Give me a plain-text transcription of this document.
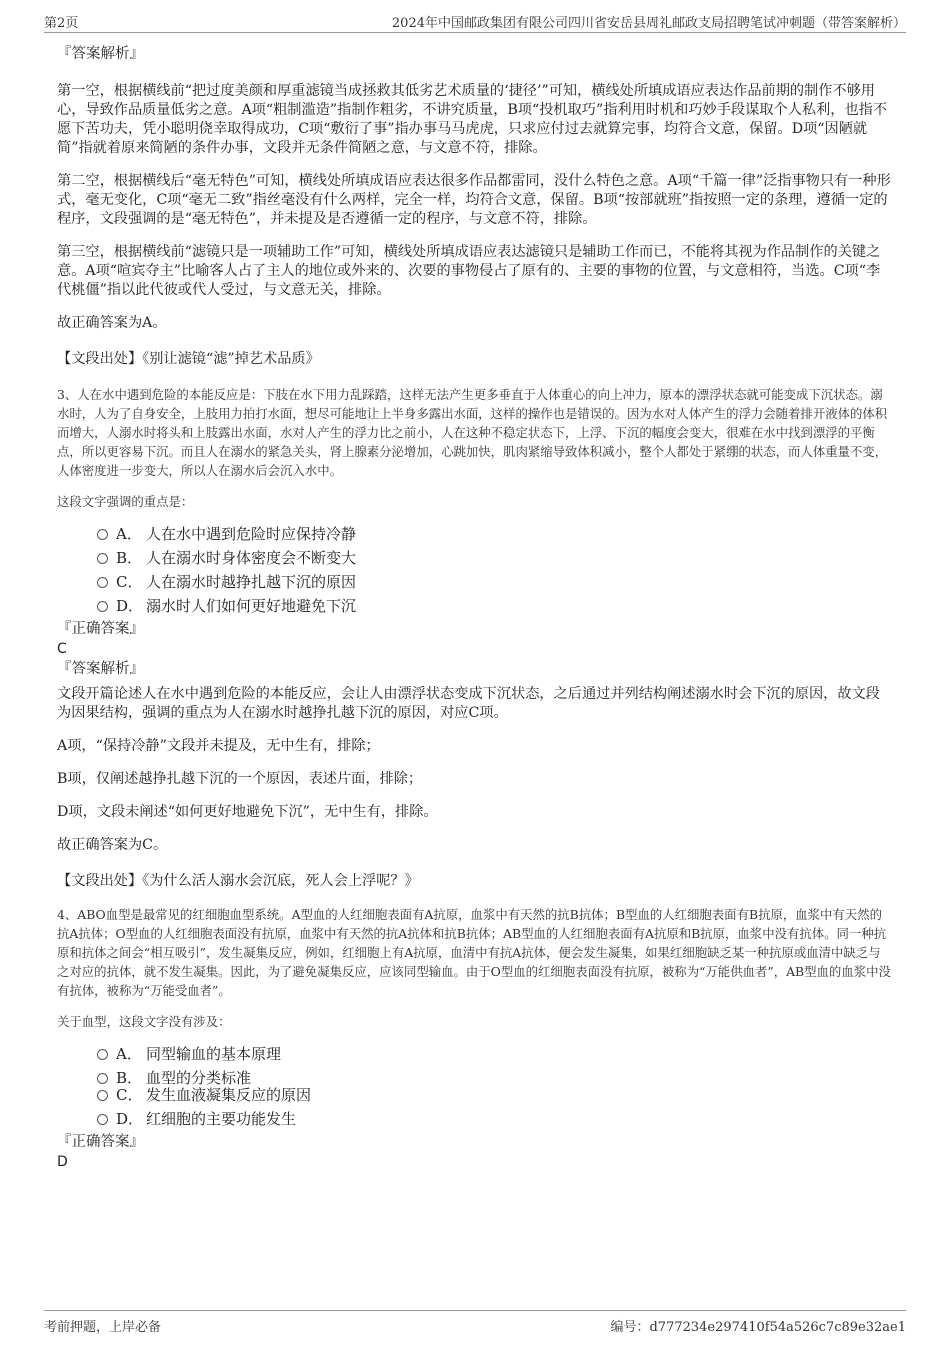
第2页	2024年中国邮政集团有限公司四川省安岳县周礼邮政支局招聘笔试冲刺题（带答案解析）

『答案解析』

第一空，根据横线前“把过度美颜和厚重滤镜当成拯救其低劣艺术质量的‘捷径’”可知，横线处所填成语应表达作品前期的制作不够用心，导致作品质量低劣之意。A项“粗制滥造”指制作粗劣，不讲究质量，B项“投机取巧”指利用时机和巧妙手段谋取个人私利，也指不愿下苦功夫，凭小聪明侥幸取得成功，C项“敷衍了事”指办事马马虎虎，只求应付过去就算完事，均符合文意，保留。D项“因陋就简”指就着原来简陋的条件办事，文段并无条件简陋之意，与文意不符，排除。

第二空，根据横线后“毫无特色”可知，横线处所填成语应表达很多作品都雷同，没什么特色之意。A项“千篇一律”泛指事物只有一种形式，毫无变化，C项“毫无二致”指丝毫没有什么两样，完全一样，均符合文意，保留。B项“按部就班”指按照一定的条理，遵循一定的程序，文段强调的是“毫无特色”，并未提及是否遵循一定的程序，与文意不符，排除。

第三空，根据横线前“滤镜只是一项辅助工作”可知，横线处所填成语应表达滤镜只是辅助工作而已，不能将其视为作品制作的关键之意。A项“喧宾夺主”比喻客人占了主人的地位或外来的、次要的事物侵占了原有的、主要的事物的位置，与文意相符，当选。C项“李代桃僵”指以此代彼或代人受过，与文意无关，排除。

故正确答案为A。

【文段出处】《别让滤镜“滤”掉艺术品质》

3、人在水中遇到危险的本能反应是：下肢在水下用力乱踩踏，这样无法产生更多垂直于人体重心的向上冲力，原本的漂浮状态就可能变成下沉状态。溺水时，人为了自身安全，上肢用力拍打水面，想尽可能地让上半身多露出水面，这样的操作也是错误的。因为水对人体产生的浮力会随着排开液体的体积而增大，人溺水时将头和上肢露出水面，水对人产生的浮力比之前小，人在这种不稳定状态下，上浮、下沉的幅度会变大，很难在水中找到漂浮的平衡点，所以更容易下沉。而且人在溺水的紧急关头，肾上腺素分泌增加，心跳加快，肌肉紧缩导致体积减小，整个人都处于紧绷的状态，而人体重量不变，人体密度进一步变大，所以人在溺水后会沉入水中。

这段文字强调的重点是：

A． 人在水中遇到危险时应保持冷静
B． 人在溺水时身体密度会不断变大
C． 人在溺水时越挣扎越下沉的原因
D． 溺水时人们如何更好地避免下沉

『正确答案』

C

『答案解析』

文段开篇论述人在水中遇到危险的本能反应，会让人由漂浮状态变成下沉状态，之后通过并列结构阐述溺水时会下沉的原因，故文段为因果结构，强调的重点为人在溺水时越挣扎越下沉的原因，对应C项。

A项，“保持冷静”文段并未提及，无中生有，排除；

B项，仅阐述越挣扎越下沉的一个原因，表述片面，排除；

D项，文段未阐述“如何更好地避免下沉”，无中生有，排除。

故正确答案为C。

【文段出处】《为什么活人溺水会沉底，死人会上浮呢？》

4、ABO血型是最常见的红细胞血型系统。A型血的人红细胞表面有A抗原，血浆中有天然的抗B抗体；B型血的人红细胞表面有B抗原，血浆中有天然的抗A抗体；O型血的人红细胞表面没有抗原，血浆中有天然的抗A抗体和抗B抗体；AB型血的人红细胞表面有A抗原和B抗原，血浆中没有抗体。同一种抗原和抗体之间会“相互吸引”，发生凝集反应，例如，红细胞上有A抗原，血清中有抗A抗体，便会发生凝集，如果红细胞缺乏某一种抗原或血清中缺乏与之对应的抗体，就不发生凝集。因此，为了避免凝集反应，应该同型输血。由于O型血的红细胞表面没有抗原，被称为“万能供血者”，AB型血的血浆中没有抗体，被称为“万能受血者”。

关于血型，这段文字没有涉及：

A． 同型输血的基本原理
B． 血型的分类标准
C． 发生血液凝集反应的原因
D． 红细胞的主要功能发生

『正确答案』

D

考前押题，上岸必备	编号：d777234e297410f54a526c7c89e32ae1
